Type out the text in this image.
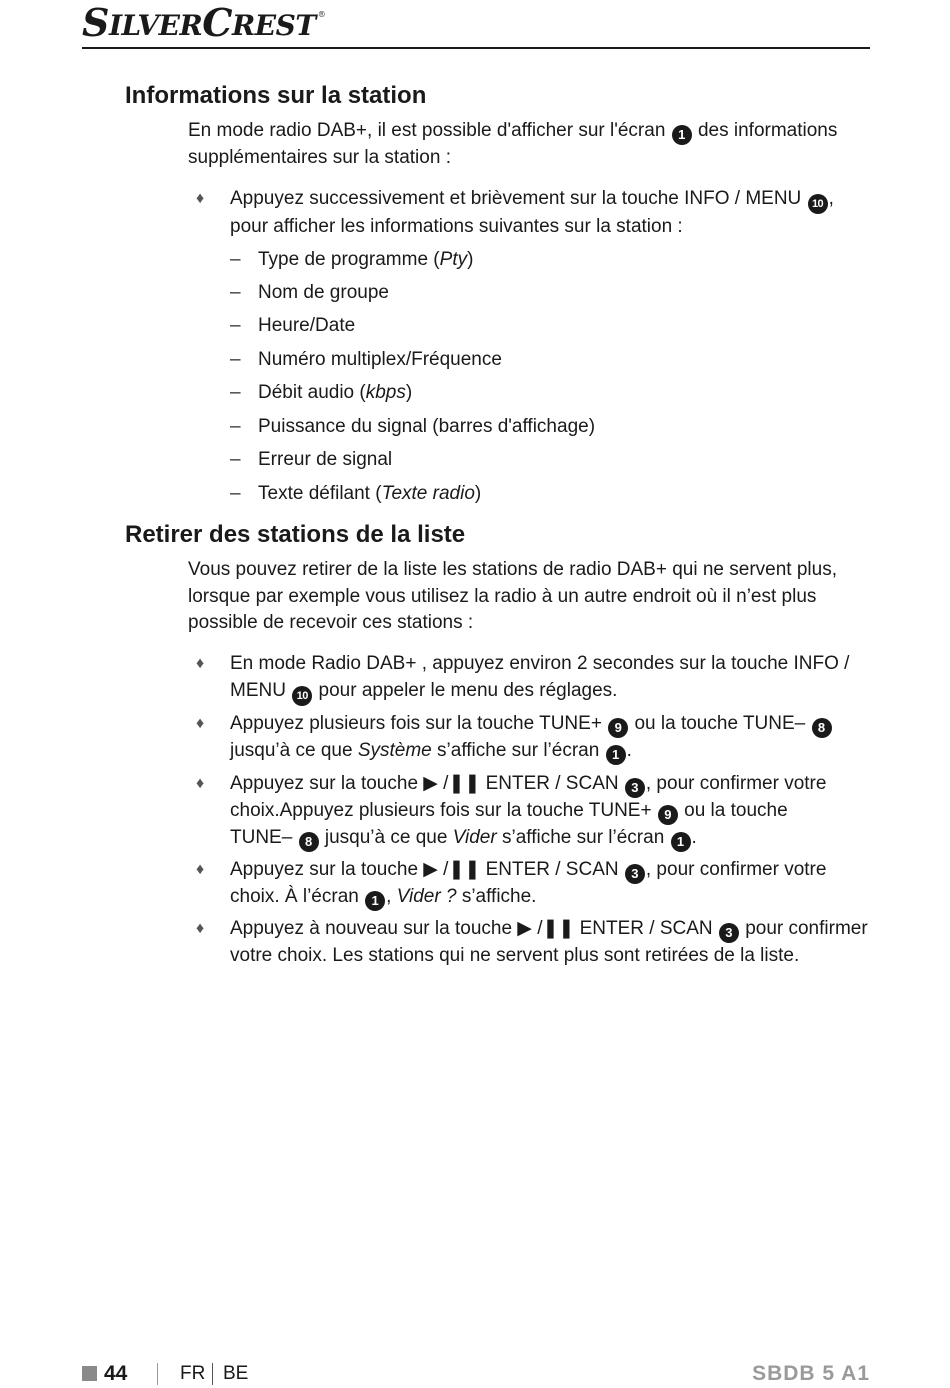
S ILVER C REST ®
Informations sur la station

En mode radio DAB+, il est possible d'afficher sur l'écran 1 des informations
supplémentaires sur la station :

♦ Appuyez successivement et brièvement sur la touche INFO / MENU 10 ,
pour afficher les informations suivantes sur la station :
– Type de programme (Pty)
– Nom de groupe
– Heure/Date
– Numéro multiplex/Fréquence
– Débit audio (kbps)
– Puissance du signal (barres d'affichage)
– Erreur de signal
– Texte défilant (Texte radio)
Retirer des stations de la liste

Vous pouvez retirer de la liste les stations de radio DAB+ qui ne servent plus,
lorsque par exemple vous utilisez la radio à un autre endroit où il n’est plus
possible de recevoir ces stations :

♦ En mode Radio DAB+ , appuyez environ 2 secondes sur la touche INFO /
MENU 10 pour appeler le menu des réglages.
♦ Appuyez plusieurs fois sur la touche TUNE+ 9 ou la touche TUNE– 8
jusqu’à ce que Système s’affiche sur l’écran 1 .
♦ Appuyez sur la touche ▶ /❚❚ ENTER / SCAN 3 , pour confirmer votre
choix.Appuyez plusieurs fois sur la touche TUNE+ 9 ou la touche
TUNE– 8 jusqu’à ce que Vider s’affiche sur l’écran 1 .
♦ Appuyez sur la touche ▶ /❚❚ ENTER / SCAN 3 , pour confirmer votre
choix. À l’écran 1 , Vider ? s’affiche.
♦ Appuyez à nouveau sur la touche ▶ /❚❚ ENTER / SCAN 3 pour confirmer
votre choix. Les stations qui ne servent plus sont retirées de la liste.
44	FR BE	SBDB 5 A1
